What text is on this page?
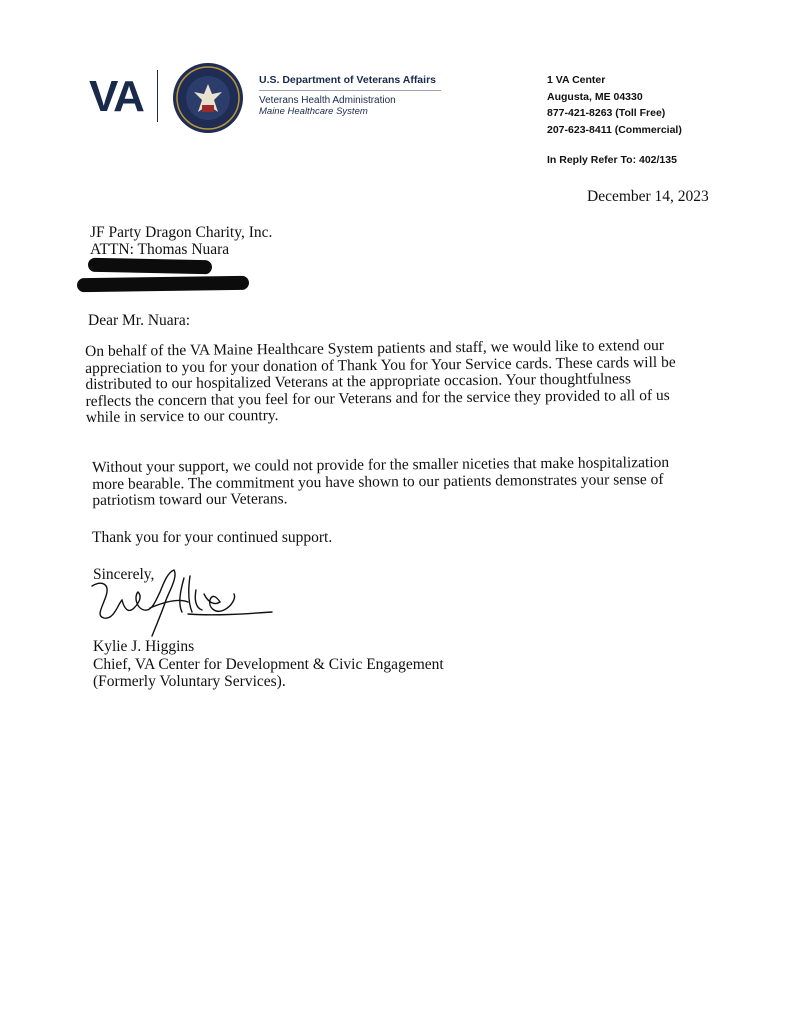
VA	U.S. Department of Veterans Affairs
Veterans Health Administration
Maine Healthcare System
1 VA Center
Augusta, ME 04330
877-421-8263 (Toll Free)
207-623-8411 (Commercial)
In Reply Refer To: 402/135
December 14, 2023
JF Party Dragon Charity, Inc.
ATTN: Thomas Nuara
Dear Mr. Nuara:
On behalf of the VA Maine Healthcare System patients and staff, we would like to extend our
appreciation to you for your donation of Thank You for Your Service cards. These cards will be
distributed to our hospitalized Veterans at the appropriate occasion. Your thoughtfulness
reflects the concern that you feel for our Veterans and for the service they provided to all of us
while in service to our country.
Without your support, we could not provide for the smaller niceties that make hospitalization
more bearable. The commitment you have shown to our patients demonstrates your sense of
patriotism toward our Veterans.
Thank you for your continued support.
Sincerely,
Kylie J. Higgins
Chief, VA Center for Development & Civic Engagement
(Formerly Voluntary Services).
